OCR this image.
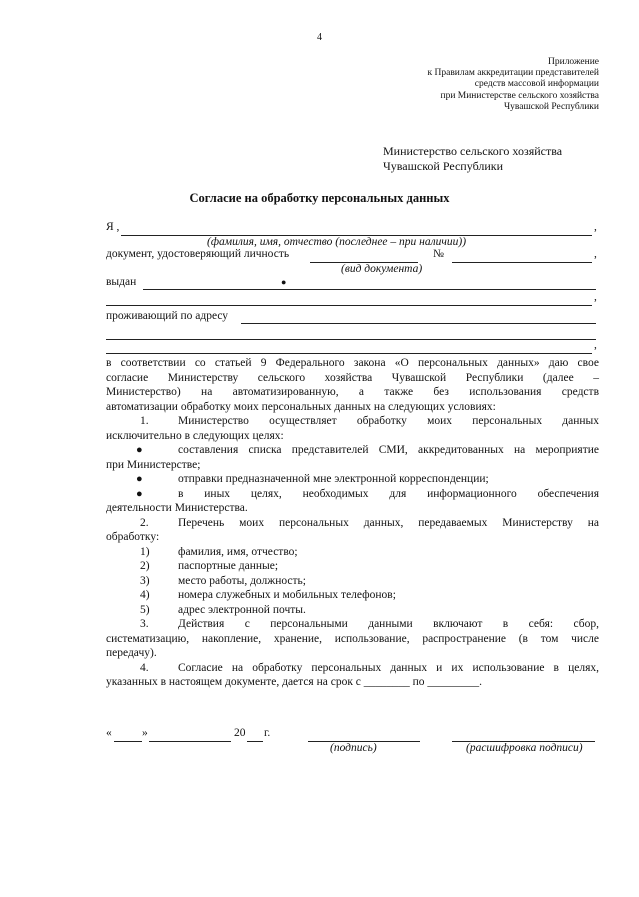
4
Приложение
к Правилам аккредитации представителей
средств массовой информации
при Министерстве сельского хозяйства
Чувашской Республики
Министерство сельского хозяйства
Чувашской Республики
Согласие на обработку персональных данных
Я ,	,
(фамилия, имя, отчество (последнее – при наличии))
документ, удостоверяющий личность	№	,
(вид документа)
выдан	●
,
проживающий по адресу
,

в соответствии со статьей 9 Федерального закона «О персональных данных» даю свое

согласие Министерству сельского хозяйства Чувашской Республики (далее –

Министерство) на автоматизированную, а также без использования средств

автоматизации обработку моих персональных данных на следующих условиях:

1.	Министерство осуществляет обработку моих персональных данных

исключительно в следующих целях:

●	составления списка представителей СМИ, аккредитованных на мероприятие
при Министерстве;
●	отправки предназначенной мне электронной корреспонденции;
●	в иных целях, необходимых для информационного обеспечения
деятельности Министерства.

2.	Перечень моих персональных данных, передаваемых Министерству на

обработку:

1) фамилия, имя, отчество;

2) паспортные данные;

3) место работы, должность;

4) номера служебных и мобильных телефонов;

5) адрес электронной почты.

3.	Действия с персональными данными включают в себя: сбор,

систематизацию, накопление, хранение, использование, распространение (в том числе

передачу).

4.	Согласие на обработку персональных данных и их использование в целях,

указанных в настоящем документе, дается на срок с ________ по _________.

«	»	20 г.
(подпись)	(расшифровка подписи)
